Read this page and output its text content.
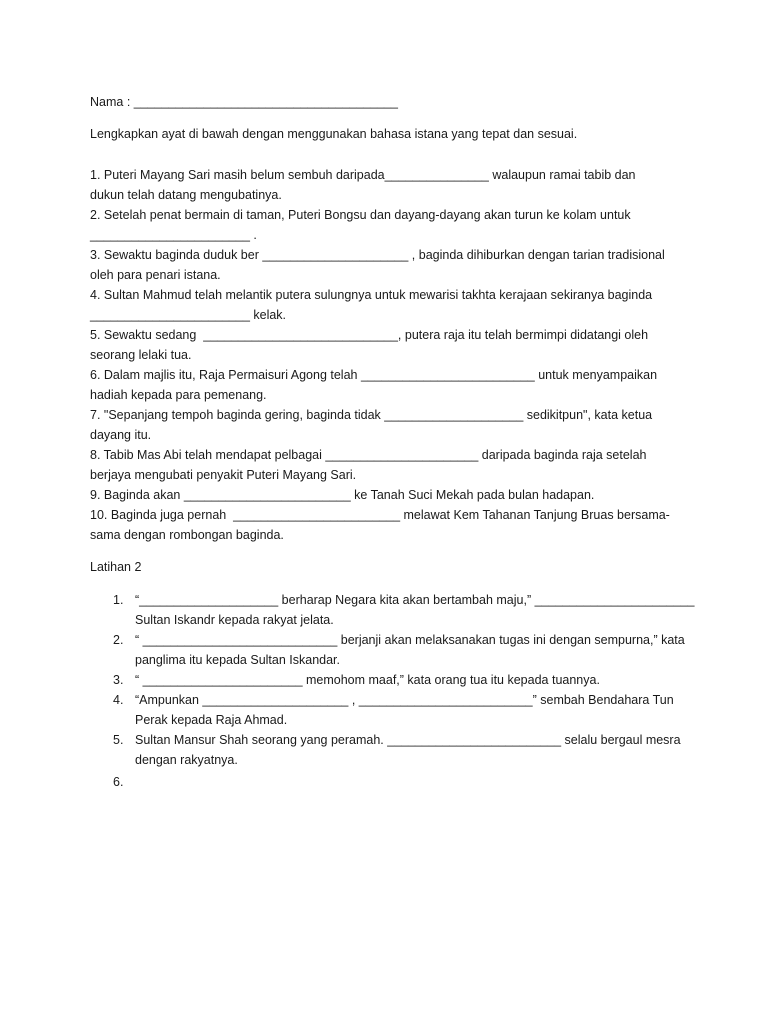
Nama : ______________________________________
Lengkapkan ayat di bawah dengan menggunakan bahasa istana yang tepat dan sesuai.
1. Puteri Mayang Sari masih belum sembuh daripada_______________ walaupun ramai tabib dan
dukun telah datang mengubatinya.
2. Setelah penat bermain di taman, Puteri Bongsu dan dayang-dayang akan turun ke kolam untuk
_______________________ .
3. Sewaktu baginda duduk ber _____________________ , baginda dihiburkan dengan tarian tradisional
oleh para penari istana.
4. Sultan Mahmud telah melantik putera sulungnya untuk mewarisi takhta kerajaan sekiranya baginda
_______________________ kelak.
5. Sewaktu sedang  ____________________________, putera raja itu telah bermimpi didatangi oleh
seorang lelaki tua.
6. Dalam majlis itu, Raja Permaisuri Agong telah _________________________ untuk menyampaikan
hadiah kepada para pemenang.
7. "Sepanjang tempoh baginda gering, baginda tidak ____________________ sedikitpun", kata ketua
dayang itu.
8. Tabib Mas Abi telah mendapat pelbagai ______________________ daripada baginda raja setelah
berjaya mengubati penyakit Puteri Mayang Sari.
9. Baginda akan ________________________ ke Tanah Suci Mekah pada bulan hadapan.
10. Baginda juga pernah  ________________________ melawat Kem Tahanan Tanjung Bruas bersama-
sama dengan rombongan baginda.
Latihan 2
1. “____________________ berharap Negara kita akan bertambah maju,” _______________________
Sultan Iskandr kepada rakyat jelata.
2. “ ____________________________ berjanji akan melaksanakan tugas ini dengan sempurna,” kata
panglima itu kepada Sultan Iskandar.
3. “ _______________________ memohom maaf,” kata orang tua itu kepada tuannya.
4. “Ampunkan _____________________ , _________________________” sembah Bendahara Tun
Perak kepada Raja Ahmad.
5. Sultan Mansur Shah seorang yang peramah. _________________________ selalu bergaul mesra
dengan rakyatnya.
6.
